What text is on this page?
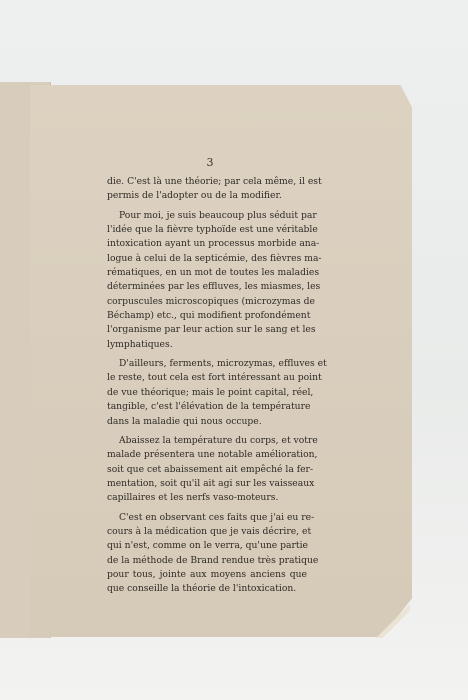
3
die. C'est là une théorie; par cela même, il est
permis de l'adopter ou de la modifier.
Pour moi, je suis beaucoup plus séduit par
l'idée que la fièvre typhoïde est une véritable
intoxication ayant un processus morbide ana-
logue à celui de la septicémie, des fièvres ma-
rématiques, en un mot de toutes les maladies
déterminées par les effluves, les miasmes, les
corpuscules microscopiques (microzymas de
Béchamp) etc., qui modifient profondément
l'organisme par leur action sur le sang et les
lymphatiques.
D'ailleurs, ferments, microzymas, effluves et
le reste, tout cela est fort intéressant au point
de vue théorique; mais le point capital, réel,
tangible, c'est l'élévation de la température
dans la maladie qui nous occupe.
Abaissez la température du corps, et votre
malade présentera une notable amélioration,
soit que cet abaissement ait empêché la fer-
mentation, soit qu'il ait agi sur les vaisseaux
capillaires et les nerfs vaso-moteurs.
C'est en observant ces faits que j'ai eu re-
cours à la médication que je vais décrire, et
qui n'est, comme on le verra, qu'une partie
de la méthode de Brand rendue très pratique
pour tous, jointe aux moyens anciens que
que conseille la théorie de l'intoxication.
